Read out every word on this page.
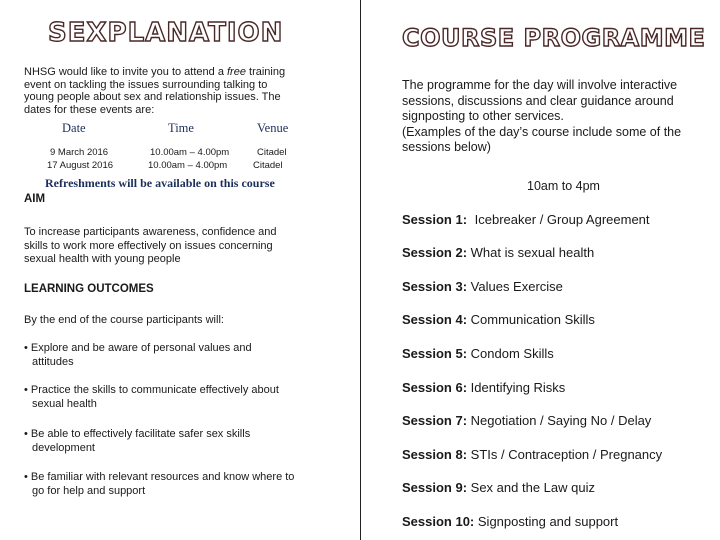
SEXPLANATION
NHSG would like to invite you to attend a free training
event on tackling the issues surrounding talking to
young people about sex and relationship issues. The
dates for these events are:
Date	Time	Venue
9 March 2016	10.00am – 4.00pm	Citadel
17 August 2016	10.00am – 4.00pm	Citadel
Refreshments will be available on this course
AIM
To increase participants awareness, confidence and
skills to work more effectively on issues concerning
sexual health with young people
LEARNING OUTCOMES
By the end of the course participants will:
• Explore and be aware of personal values and
attitudes
• Practice the skills to communicate effectively about
sexual health
• Be able to effectively facilitate safer sex skills
development
• Be familiar with relevant resources and know where to
go for help and support
COURSE PROGRAMME
The programme for the day will involve interactive
sessions, discussions and clear guidance around
signposting to other services.
(Examples of the day’s course include some of the
sessions below)
10am to 4pm
Session 1: Icebreaker / Group Agreement
Session 2: What is sexual health
Session 3: Values Exercise
Session 4: Communication Skills
Session 5: Condom Skills
Session 6: Identifying Risks
Session 7: Negotiation / Saying No / Delay
Session 8: STIs / Contraception / Pregnancy
Session 9: Sex and the Law quiz
Session 10: Signposting and support
